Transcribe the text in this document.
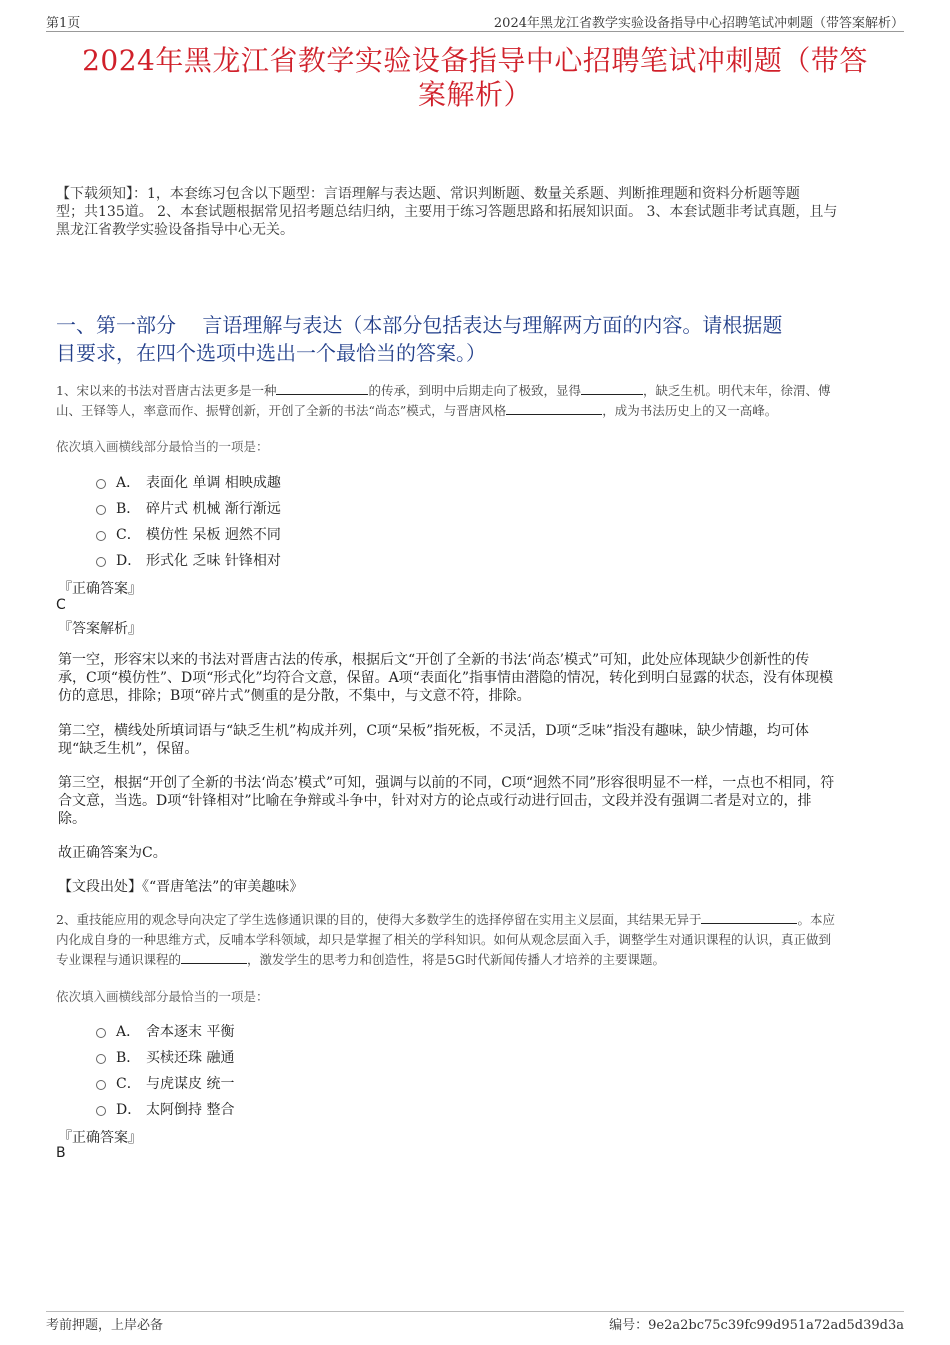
第1页	2024年黑龙江省教学实验设备指导中心招聘笔试冲刺题（带答案解析）
2024年黑龙江省教学实验设备指导中心招聘笔试冲刺题（带答
案解析）
【下载须知】：1，本套练习包含以下题型：言语理解与表达题、常识判断题、数量关系题、判断推理题和资料分析题等题
型；共135道。 2、本套试题根据常见招考题总结归纳，主要用于练习答题思路和拓展知识面。 3、本套试题非考试真题，且与
黑龙江省教学实验设备指导中心无关。
一、第一部分　 言语理解与表达（本部分包括表达与理解两方面的内容。请根据题
目要求，在四个选项中选出一个最恰当的答案。）
1、宋以来的书法对晋唐古法更多是一种	的传承，到明中后期走向了极致，显得	，缺乏生机。明代末年，徐渭、傅
山、王铎等人，率意而作、振臂创新，开创了全新的书法“尚态”模式，与晋唐风格	，成为书法历史上的又一高峰。
依次填入画横线部分最恰当的一项是：
A． 表面化 单调 相映成趣
B． 碎片式 机械 渐行渐远
C． 模仿性 呆板 迥然不同
D． 形式化 乏味 针锋相对
『正确答案』
C
『答案解析』
第一空，形容宋以来的书法对晋唐古法的传承，根据后文“开创了全新的书法‘尚态’模式”可知，此处应体现缺少创新性的传
承，C项“模仿性”、D项“形式化”均符合文意，保留。A项“表面化”指事情由潜隐的情况，转化到明白显露的状态，没有体现模
仿的意思，排除；B项“碎片式”侧重的是分散，不集中，与文意不符，排除。
第二空，横线处所填词语与“缺乏生机”构成并列，C项“呆板”指死板，不灵活，D项“乏味”指没有趣味，缺少情趣，均可体
现“缺乏生机”，保留。
第三空，根据“开创了全新的书法‘尚态’模式”可知，强调与以前的不同，C项“迥然不同”形容很明显不一样，一点也不相同，符
合文意，当选。D项“针锋相对”比喻在争辩或斗争中，针对对方的论点或行动进行回击，文段并没有强调二者是对立的，排
除。
故正确答案为C。
【文段出处】《“晋唐笔法”的审美趣味》
2、重技能应用的观念导向决定了学生选修通识课的目的，使得大多数学生的选择停留在实用主义层面，其结果无异于	。本应
内化成自身的一种思维方式，反哺本学科领域，却只是掌握了相关的学科知识。如何从观念层面入手，调整学生对通识课程的认识，真正做到
专业课程与通识课程的	，激发学生的思考力和创造性，将是5G时代新闻传播人才培养的主要课题。
依次填入画横线部分最恰当的一项是：
A． 舍本逐末 平衡
B． 买椟还珠 融通
C． 与虎谋皮 统一
D． 太阿倒持 整合
『正确答案』
B
考前押题，上岸必备	编号：9e2a2bc75c39fc99d951a72ad5d39d3a
